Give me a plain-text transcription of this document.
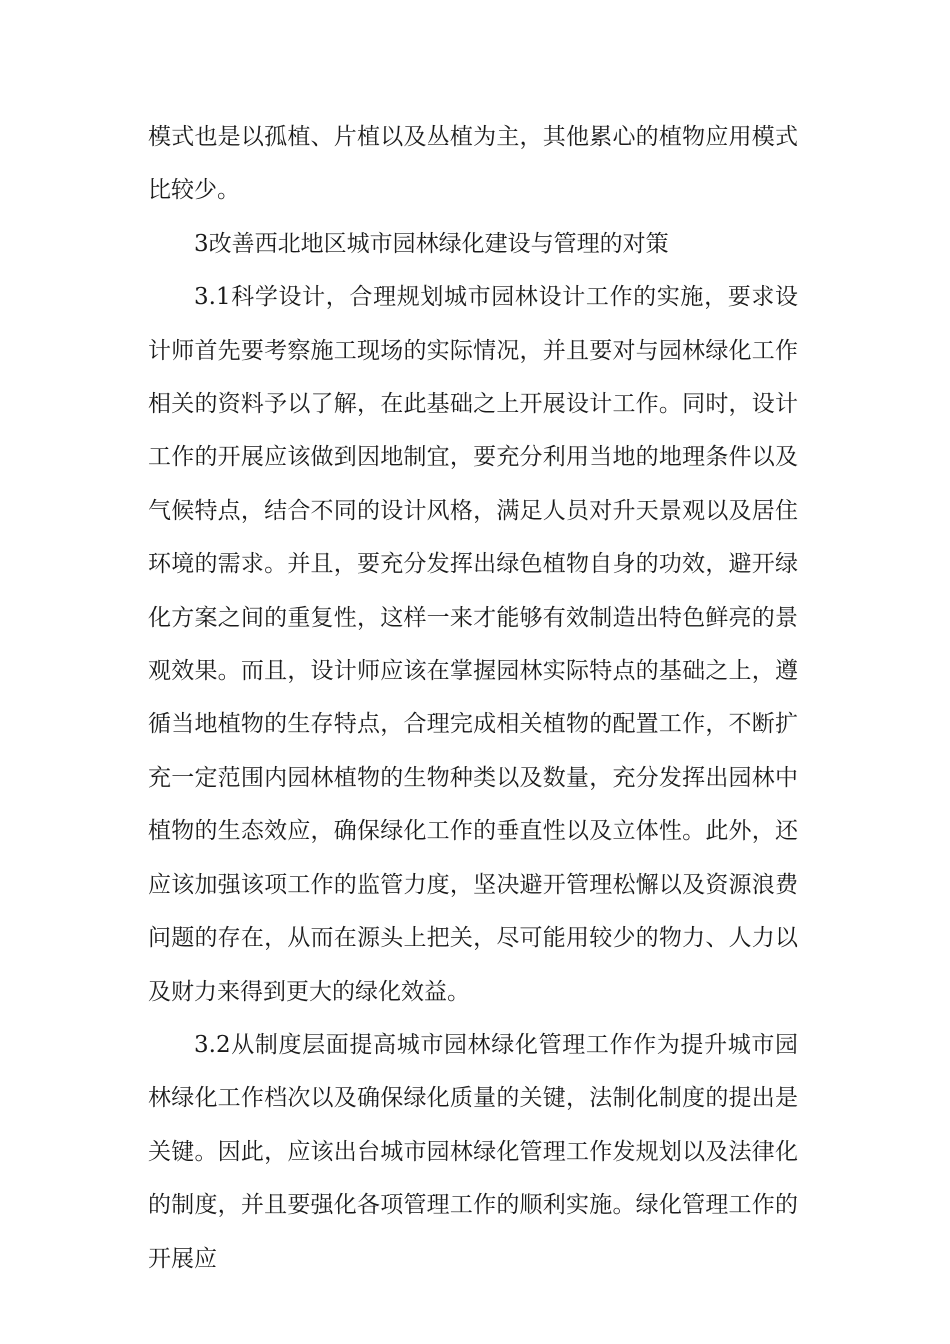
模式也是以孤植、片植以及丛植为主，其他累心的植物应用模式比较少。

3改善西北地区城市园林绿化建设与管理的对策

3.1科学设计，合理规划城市园林设计工作的实施，要求设计师首先要考察施工现场的实际情况，并且要对与园林绿化工作相关的资料予以了解，在此基础之上开展设计工作。同时，设计工作的开展应该做到因地制宜，要充分利用当地的地理条件以及气候特点，结合不同的设计风格，满足人员对升天景观以及居住环境的需求。并且，要充分发挥出绿色植物自身的功效，避开绿化方案之间的重复性，这样一来才能够有效制造出特色鲜亮的景观效果。而且，设计师应该在掌握园林实际特点的基础之上，遵循当地植物的生存特点，合理完成相关植物的配置工作，不断扩充一定范围内园林植物的生物种类以及数量，充分发挥出园林中植物的生态效应，确保绿化工作的垂直性以及立体性。此外，还应该加强该项工作的监管力度，坚决避开管理松懈以及资源浪费问题的存在，从而在源头上把关，尽可能用较少的物力、人力以及财力来得到更大的绿化效益。

3.2从制度层面提高城市园林绿化管理工作作为提升城市园林绿化工作档次以及确保绿化质量的关键，法制化制度的提出是关键。因此，应该出台城市园林绿化管理工作发规划以及法律化的制度，并且要强化各项管理工作的顺利实施。绿化管理工作的开展应
